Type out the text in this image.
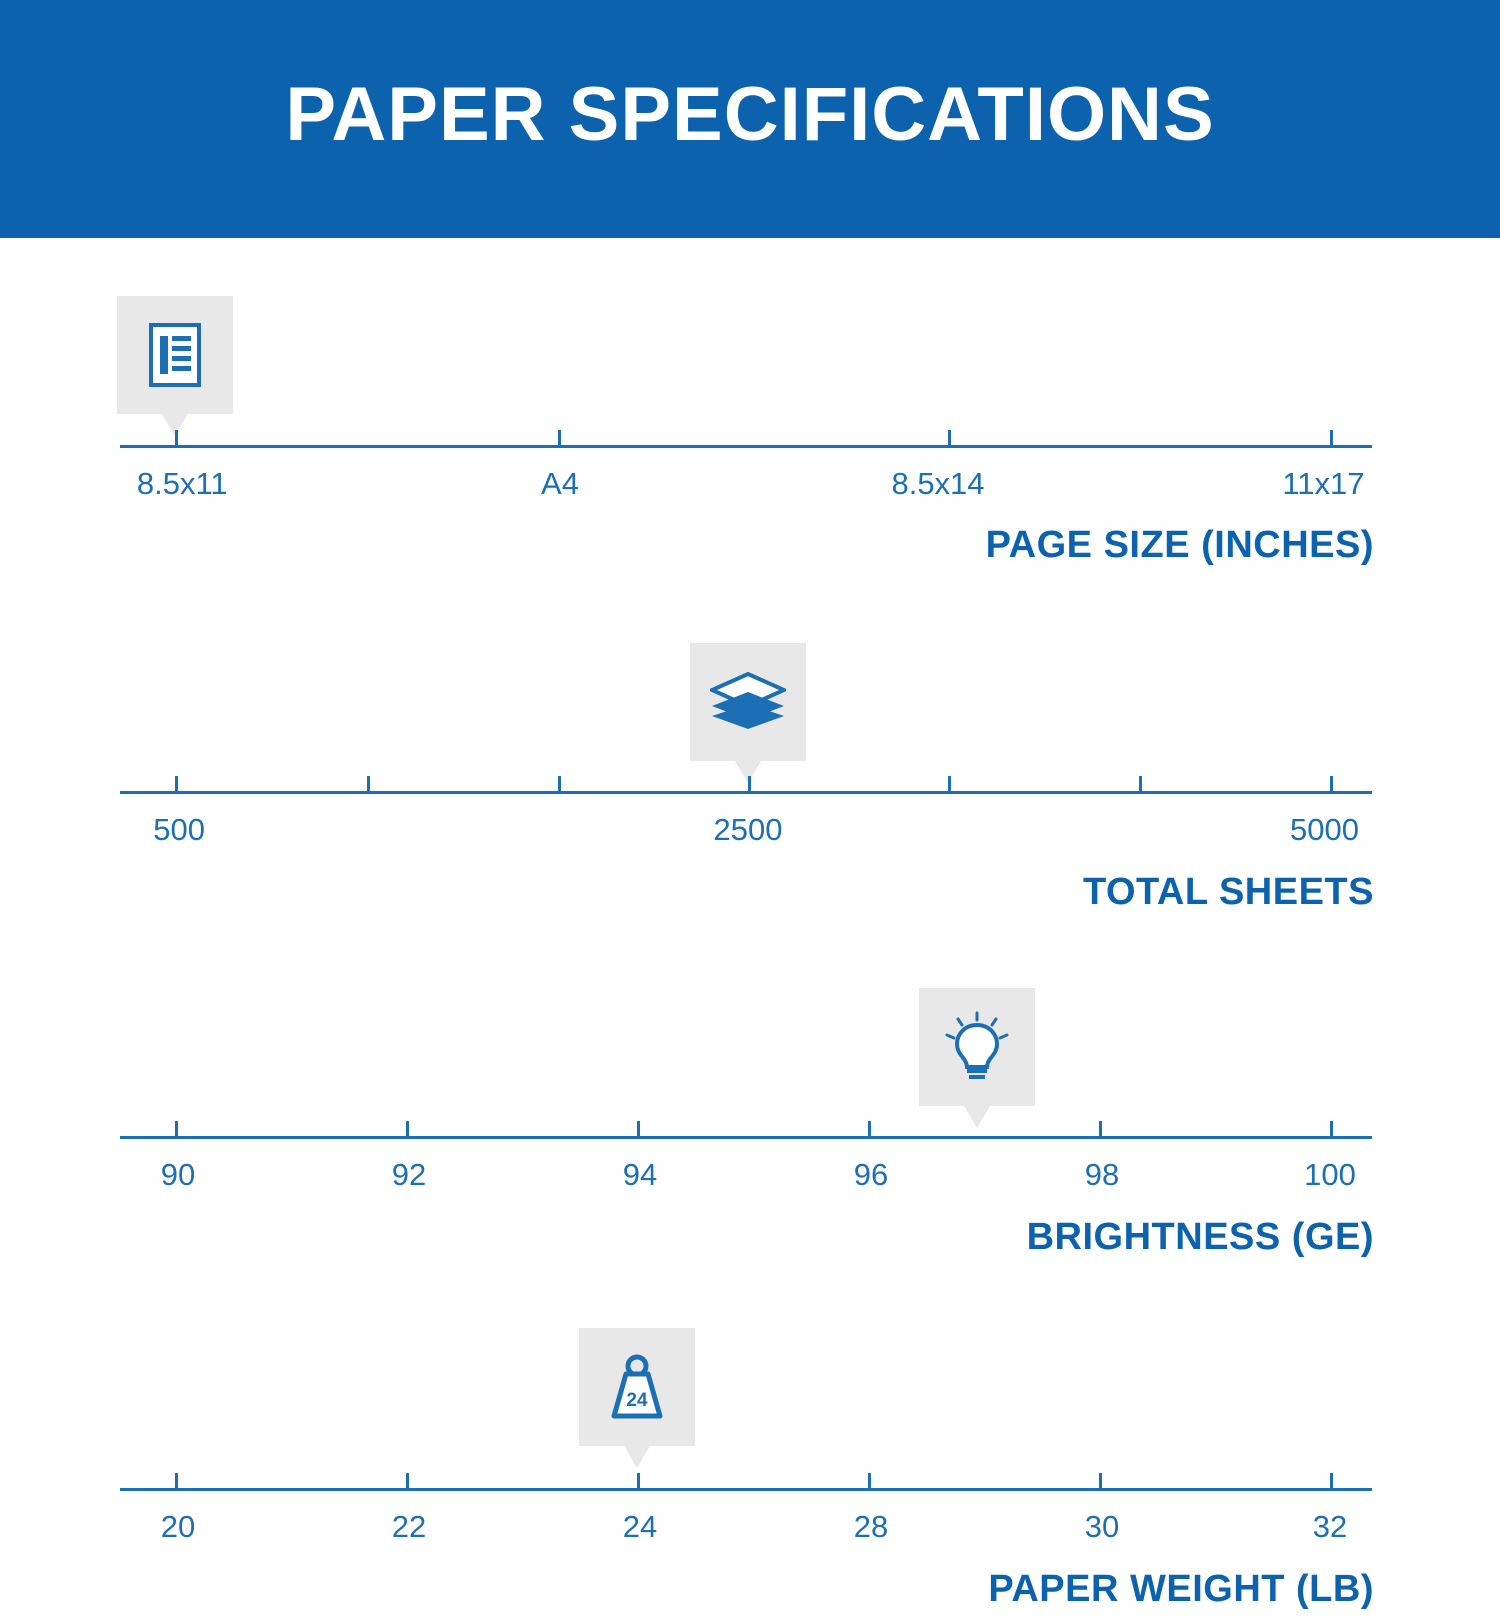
PAPER SPECIFICATIONS
8.5x11	A4	8.5x14	11x17
PAGE SIZE (INCHES)
500	2500	5000
TOTAL SHEETS
90	92	94	96	98	100
BRIGHTNESS (GE)
24
20	22	24	28	30	32
PAPER WEIGHT (LB)
